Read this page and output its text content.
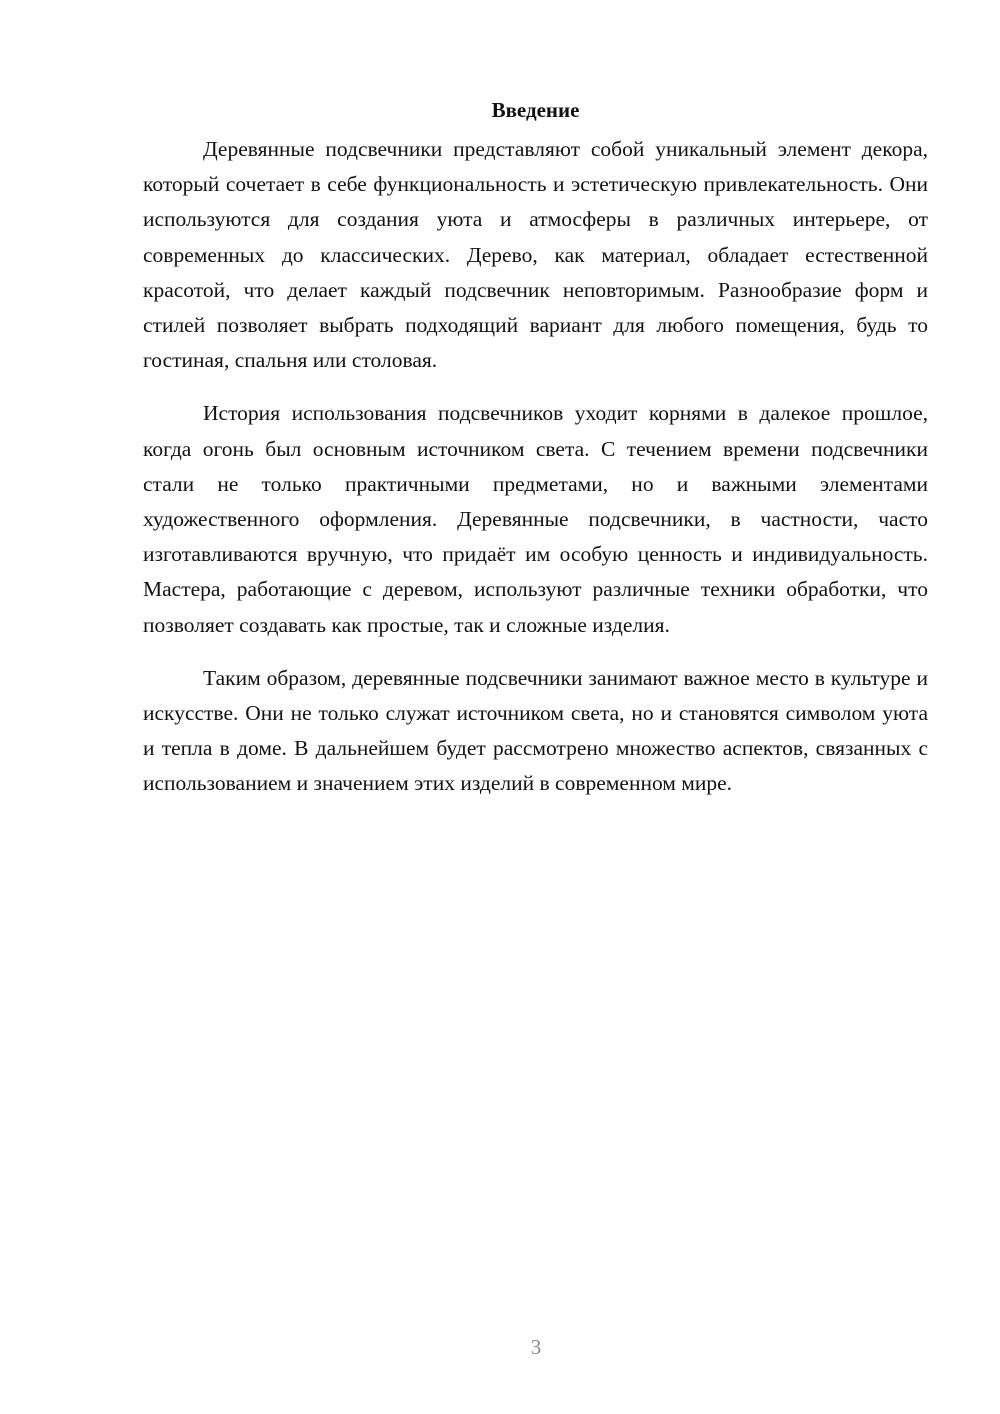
Введение

Деревянные подсвечники представляют собой уникальный элемент декора, который сочетает в себе функциональность и эстетическую привлекательность. Они используются для создания уюта и атмосферы в различных интерьере, от современных до классических. Дерево, как материал, обладает естественной красотой, что делает каждый подсвечник неповторимым. Разнообразие форм и стилей позволяет выбрать подходящий вариант для любого помещения, будь то гостиная, спальня или столовая.

История использования подсвечников уходит корнями в далекое прошлое, когда огонь был основным источником света. С течением времени подсвечники стали не только практичными предметами, но и важными элементами художественного оформления. Деревянные подсвечники, в частности, часто изготавливаются вручную, что придаёт им особую ценность и индивидуальность. Мастера, работающие с деревом, используют различные техники обработки, что позволяет создавать как простые, так и сложные изделия.

Таким образом, деревянные подсвечники занимают важное место в культуре и искусстве. Они не только служат источником света, но и становятся символом уюта и тепла в доме. В дальнейшем будет рассмотрено множество аспектов, связанных с использованием и значением этих изделий в современном мире.

3
